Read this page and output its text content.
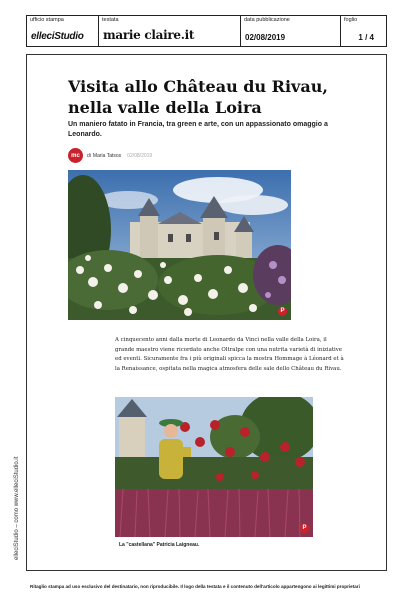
ufficio stampa
elleciStudio
testata
marie claire.it
data pubblicazione
02/08/2019
foglio
1 / 4
elleciStudio – como www.elleciStudio.it
Visita allo Château du Rivau, nella valle della Loira

Un maniero fatato in Francia, tra green e arte, con un appassionato omaggio a Leonardo.

mc	di Maria Tatsos 02/08/2019
P

A cinquecento anni dalla morte di Leonardo da Vinci nella valle della Loira, il grande maestro viene ricordato anche Oltralpe con una nutrita varietà di iniziative ed eventi. Sicuramente fra i più originali spicca la mostra Hommage à Léonard et à la Renaissance, ospitata nella magica atmosfera delle sale dello Château du Rivau.

P
La "castellana" Patricia Laigneau.
Ritaglio stampa ad uso esclusivo del destinatario, non riproducibile. Il logo della testata e il contenuto dell'articolo appartengono ai legittimi proprietari
